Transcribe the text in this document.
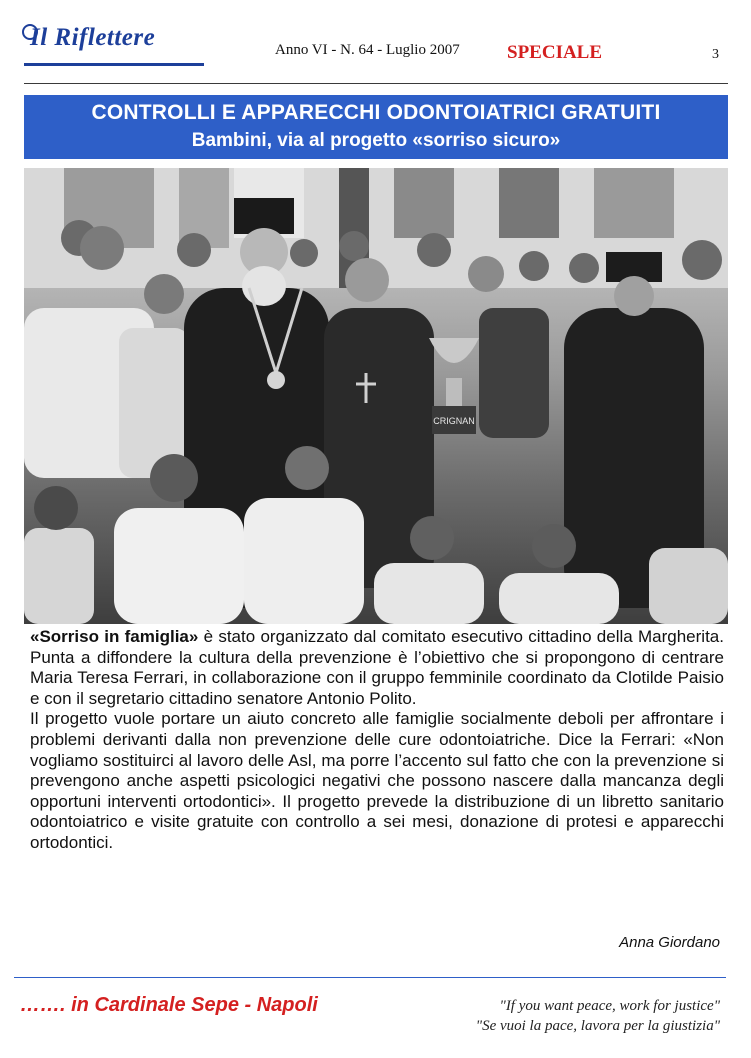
Il Riflettere	Anno VI - N. 64 - Luglio 2007 SPECIALE	3
CONTROLLI E APPARECCHI ODONTOIATRICI GRATUITI
Bambini, via al progetto «sorriso sicuro»
CRIGNAN

«Sorriso in famiglia» è stato organizzato dal comitato esecutivo cittadino della Margherita. Punta a diffondere la cultura della prevenzione è l’obiettivo che si propongono di centrare Maria Teresa Ferrari, in collaborazione con il gruppo femminile coordinato da Clotilde Paisio e con il segretario cittadino senatore Antonio Polito.

Il progetto vuole portare un aiuto concreto alle famiglie socialmente deboli per affrontare i problemi derivanti dalla non prevenzione delle cure odontoiatriche. Dice la Ferrari: «Non vogliamo sostituirci al lavoro delle Asl, ma porre l’accento sul fatto che con la prevenzione si prevengono anche aspetti psicologici negativi che possono nascere dalla mancanza degli opportuni interventi ortodontici». Il progetto prevede la distribuzione di un libretto sanitario odontoiatrico e visite gratuite con controllo a sei mesi, donazione di protesi e apparecchi ortodontici.

Anna Giordano
……. in Cardinale Sepe - Napoli	"If you want peace, work for justice"
"Se vuoi la pace, lavora per la giustizia"
